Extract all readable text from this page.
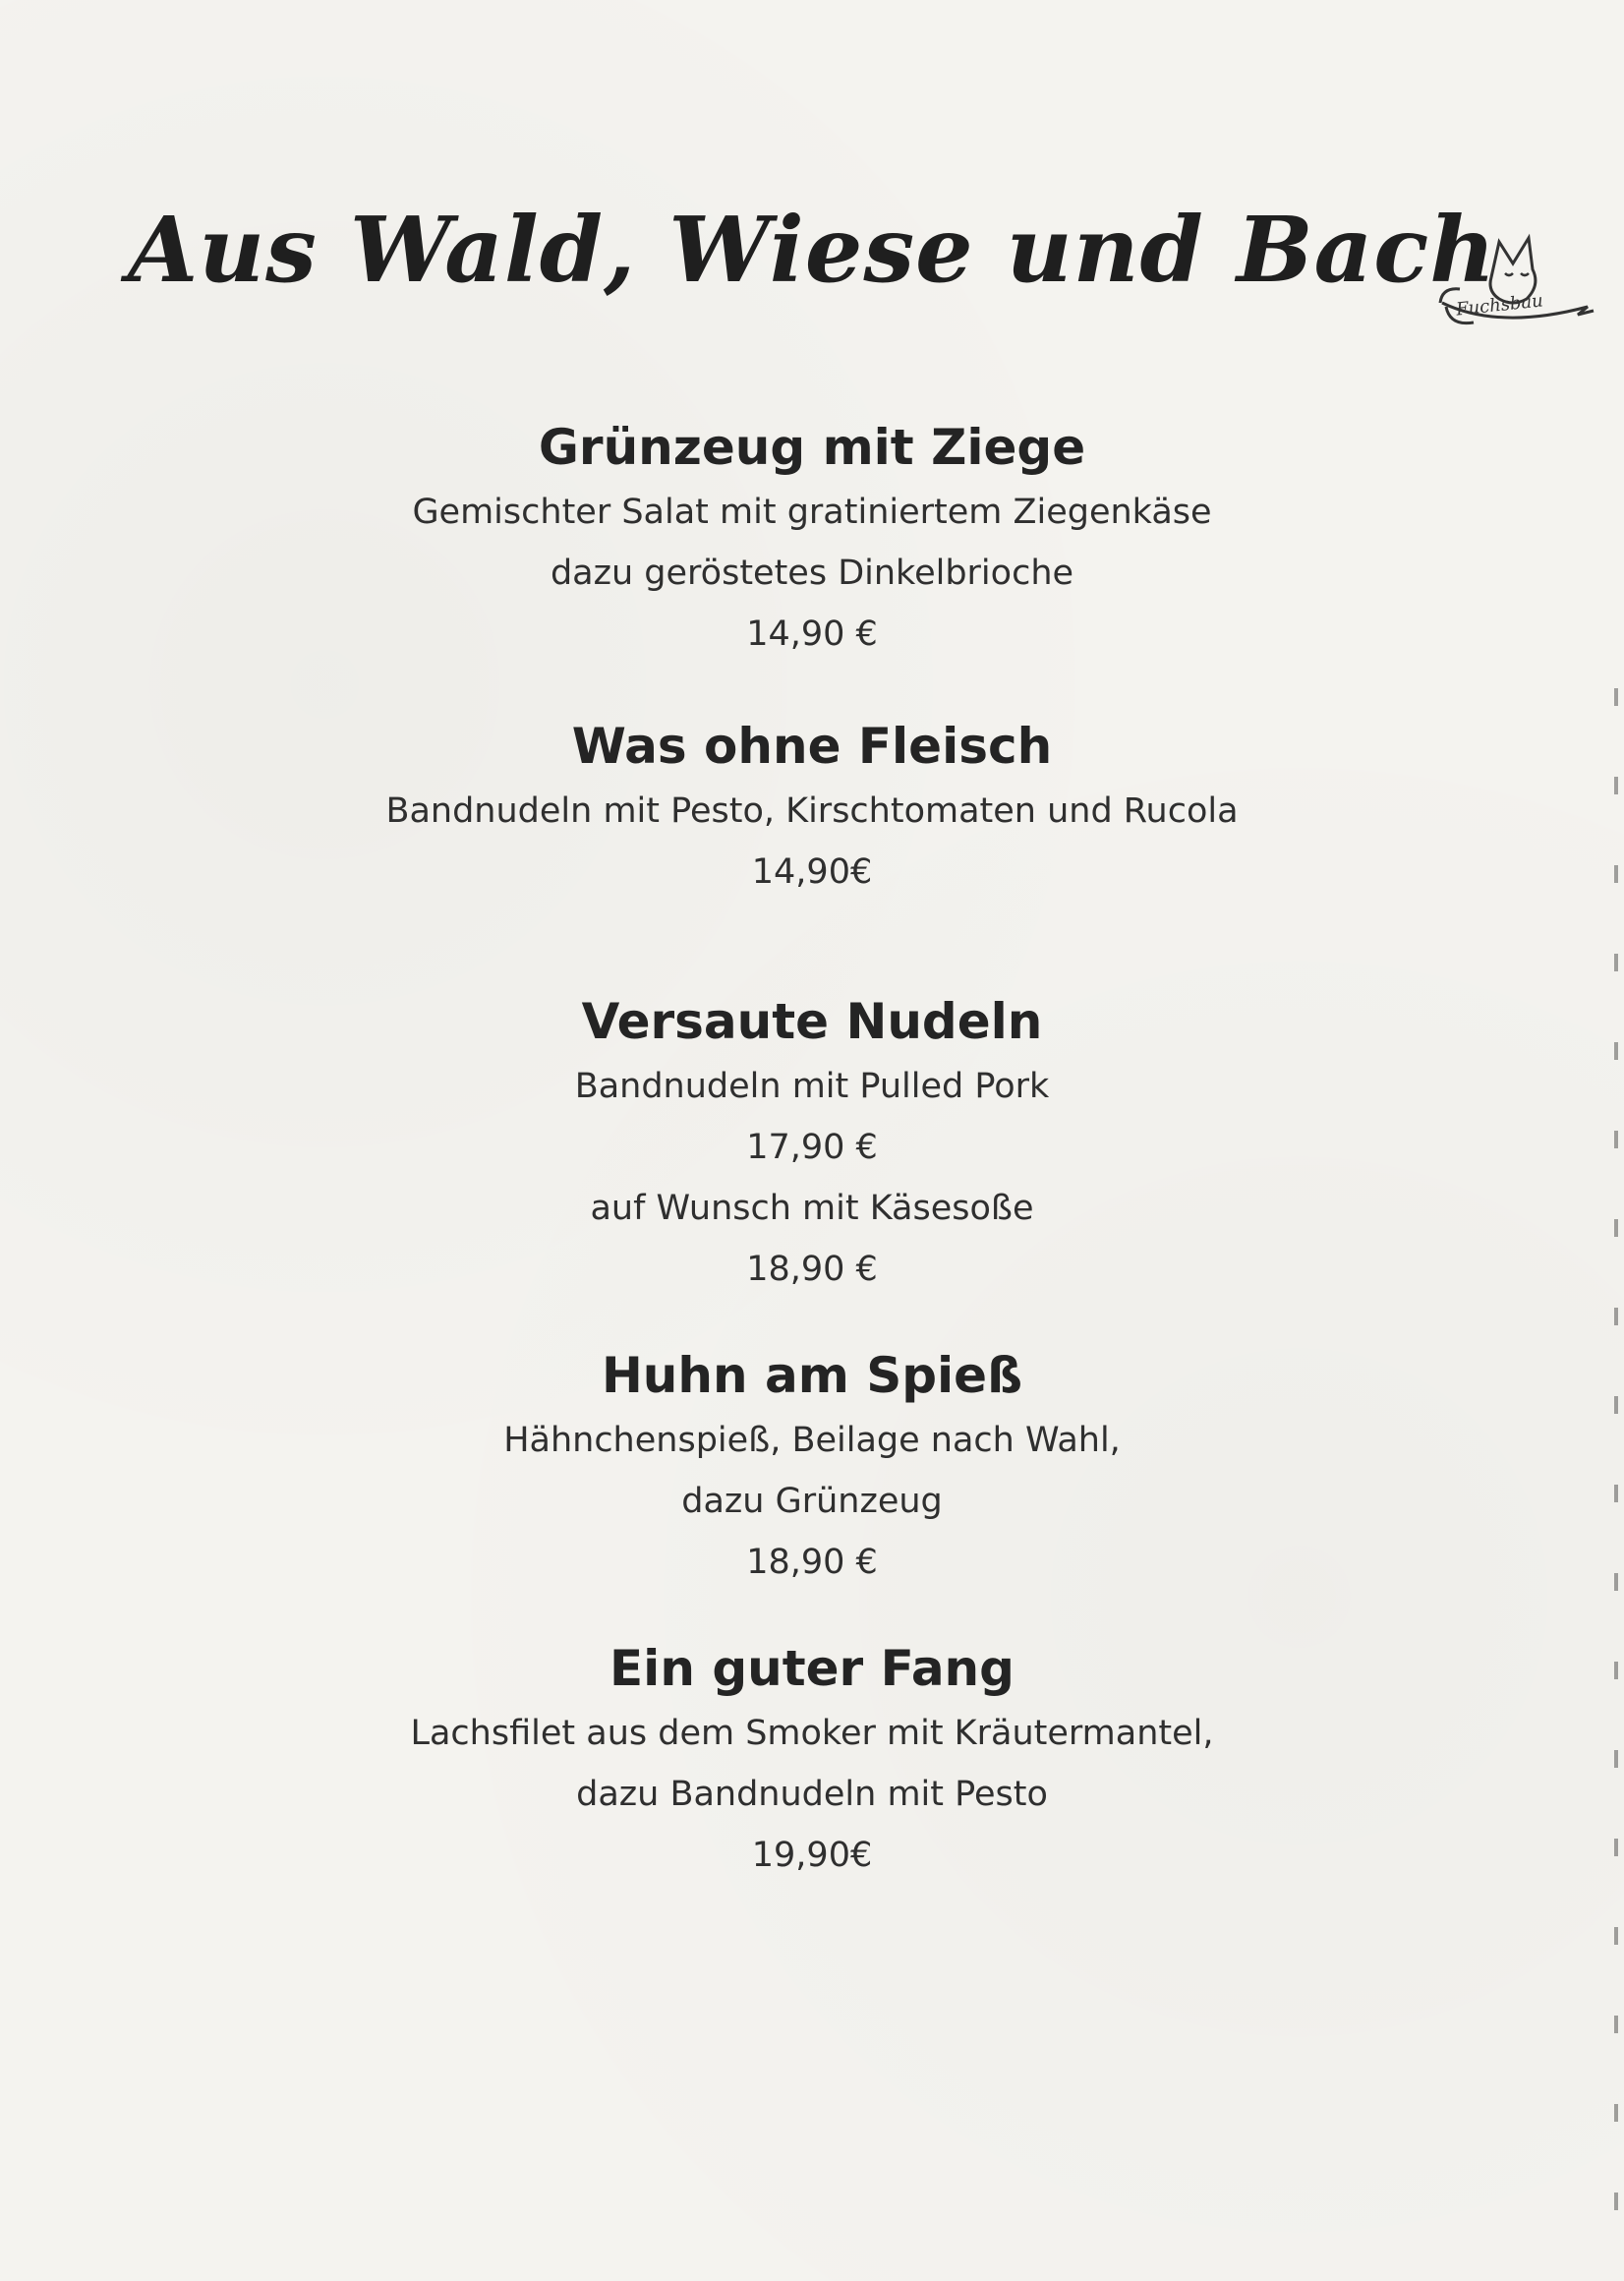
Aus Wald, Wiese und Bach
Fuchsbau
Grünzeug mit Ziege
Gemischter Salat mit gratiniertem Ziegenkäse
dazu geröstetes Dinkelbrioche
14,90 €
Was ohne Fleisch
Bandnudeln mit Pesto, Kirschtomaten und Rucola
14,90€
Versaute Nudeln
Bandnudeln mit Pulled Pork
17,90 €
auf Wunsch mit Käsesoße
18,90 €
Huhn am Spieß
Hähnchenspieß, Beilage nach Wahl,
dazu Grünzeug
18,90 €
Ein guter Fang
Lachsfilet aus dem Smoker mit Kräutermantel,
dazu Bandnudeln mit Pesto
19,90€
